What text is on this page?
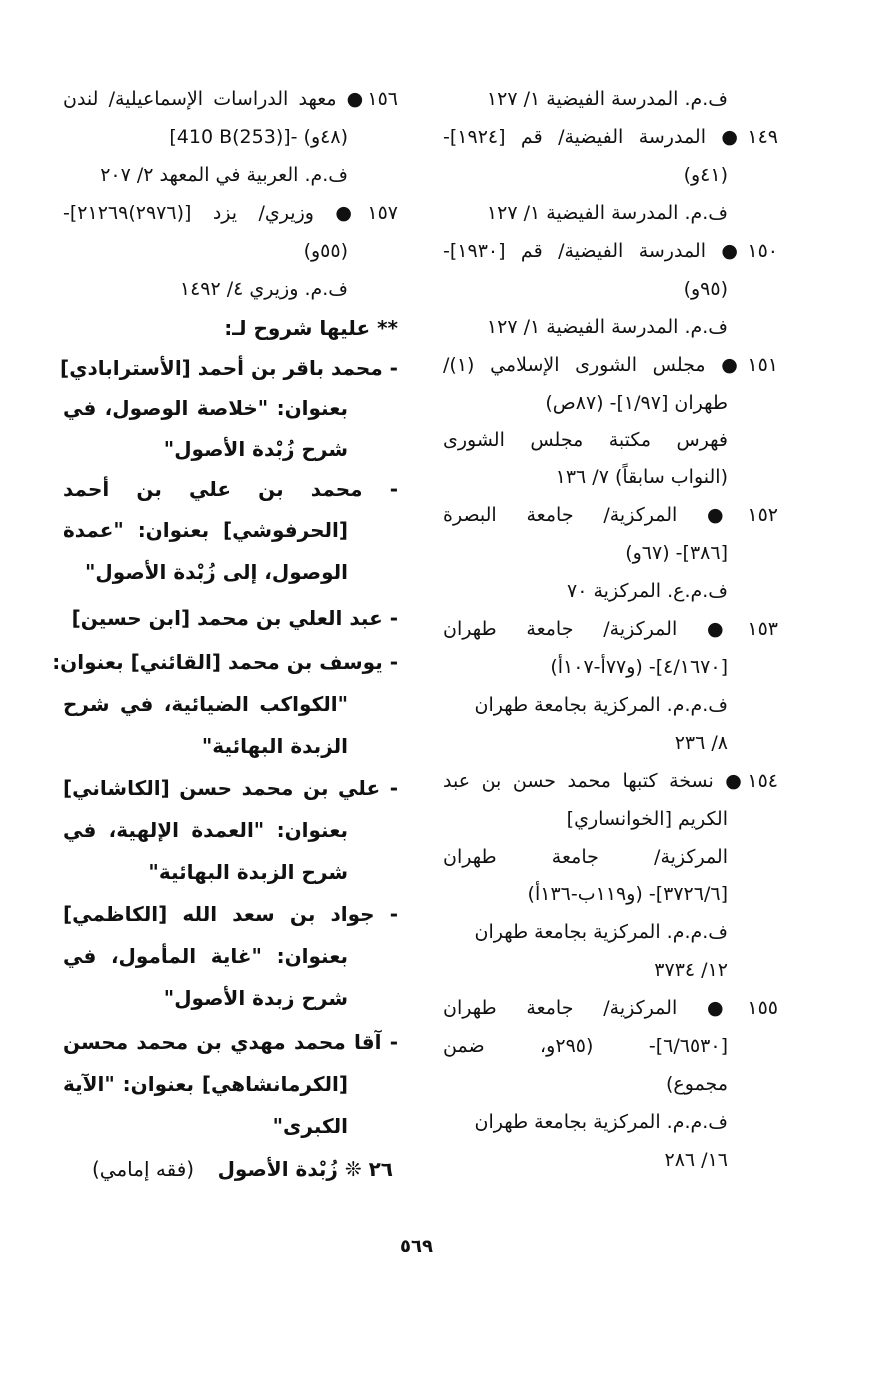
ف.م. المدرسة الفيضية ١/ ١٢٧
١٤٩● المدرسة الفيضية/ قم [١٩٢٤]-
(٤١و)
ف.م. المدرسة الفيضية ١/ ١٢٧
١٥٠● المدرسة الفيضية/ قم [١٩٣٠]-
(٩٥و)
ف.م. المدرسة الفيضية ١/ ١٢٧
١٥١● مجلس الشورى الإسلامي (١)/
طهران [١/٩٧]- (٨٧ص)
فهرس مكتبة مجلس الشورى
(النواب سابقاً) ٧/ ١٣٦
١٥٢● المركزية/ جامعة البصرة
[٣٨٦]- (٦٧و)
ف.م.ع. المركزية ٧٠
١٥٣● المركزية/ جامعة طهران
[٤/١٦٧٠]- (و٧٧أ-١٠٧أ)
ف.م.م. المركزية بجامعة طهران
٨/ ٢٣٦
١٥٤● نسخة كتبها محمد حسن بن عبد
الكريم [الخوانساري]
المركزية/ جامعة طهران
[٣٧٢٦/٦]- (و١١٩ب-١٣٦أ)
ف.م.م. المركزية بجامعة طهران
١٢/ ٣٧٣٤
١٥٥● المركزية/ جامعة طهران
[٦/٦٥٣٠]- (٢٩٥و، ضمن
مجموع)
ف.م.م. المركزية بجامعة طهران
١٦/ ٢٨٦
١٥٦● معهد الدراسات الإسماعيلية/ لندن
[410 B(253)]- (٤٨و)
ف.م. العربية في المعهد ٢/ ٢٠٧
١٥٧● وزيري/ يزد [(٢٩٧٦)٢١٢٦٩]-
(٥٥و)
ف.م. وزيري ٤/ ١٤٩٢
** عليها شروح لـ:
- محمد باقر بن أحمد [الأسترابادي]
بعنوان: "خلاصة الوصول، في
شرح زُبْدة الأصول"
- محمد بن علي بن أحمد
[الحرفوشي] بعنوان: "عمدة
الوصول، إلى زُبْدة الأصول"
- عبد العلي بن محمد [ابن حسين]
- يوسف بن محمد [القائني] بعنوان:
"الكواكب الضيائية، في شرح
الزبدة البهائية"
- علي بن محمد حسن [الكاشاني]
بعنوان: "العمدة الإلهية، في
شرح الزبدة البهائية"
- جواد بن سعد الله [الكاظمي]
بعنوان: "غاية المأمول، في
شرح زبدة الأصول"
- آقا محمد مهدي بن محمد محسن
[الكرمانشاهي] بعنوان: "الآية
الكبرى"
٢٦ ❊ زُبْدة الأصول
(فقه إمامي)
٥٦٩
